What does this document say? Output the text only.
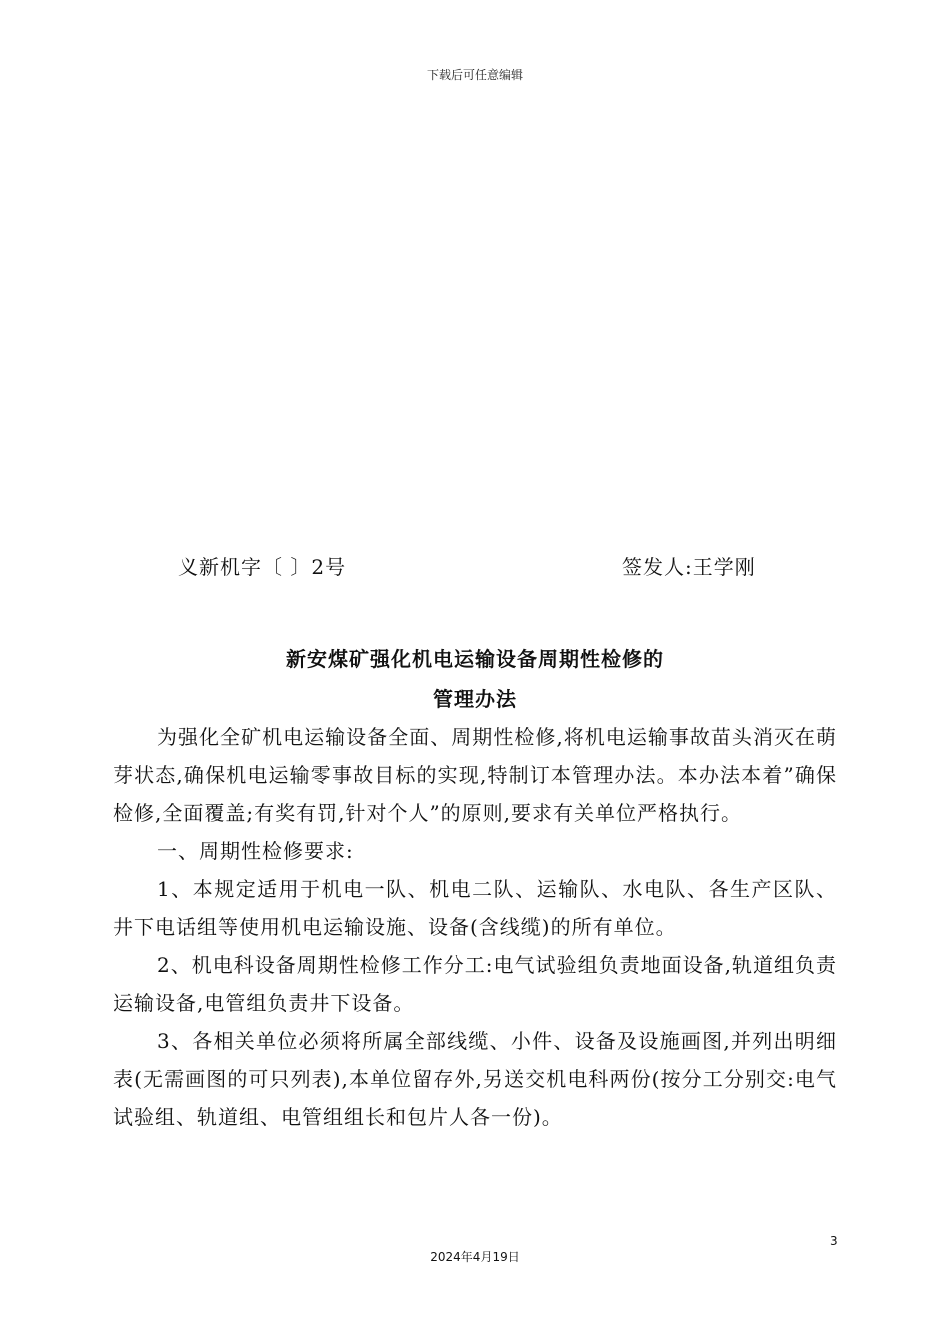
下载后可任意编辑
义新机字〔 〕2号	签发人:王学刚
新安煤矿强化机电运输设备周期性检修的
管理办法

为强化全矿机电运输设备全面、周期性检修,将机电运输事故苗头消灭在萌芽状态,确保机电运输零事故目标的实现,特制订本管理办法。本办法本着”确保检修,全面覆盖;有奖有罚,针对个人”的原则,要求有关单位严格执行。

一、周期性检修要求:

1、本规定适用于机电一队、机电二队、运输队、水电队、各生产区队、井下电话组等使用机电运输设施、设备(含线缆)的所有单位。

2、机电科设备周期性检修工作分工:电气试验组负责地面设备,轨道组负责运输设备,电管组负责井下设备。

3、各相关单位必须将所属全部线缆、小件、设备及设施画图,并列出明细表(无需画图的可只列表),本单位留存外,另送交机电科两份(按分工分别交:电气试验组、轨道组、电管组组长和包片人各一份)。

3
2024年4月19日
